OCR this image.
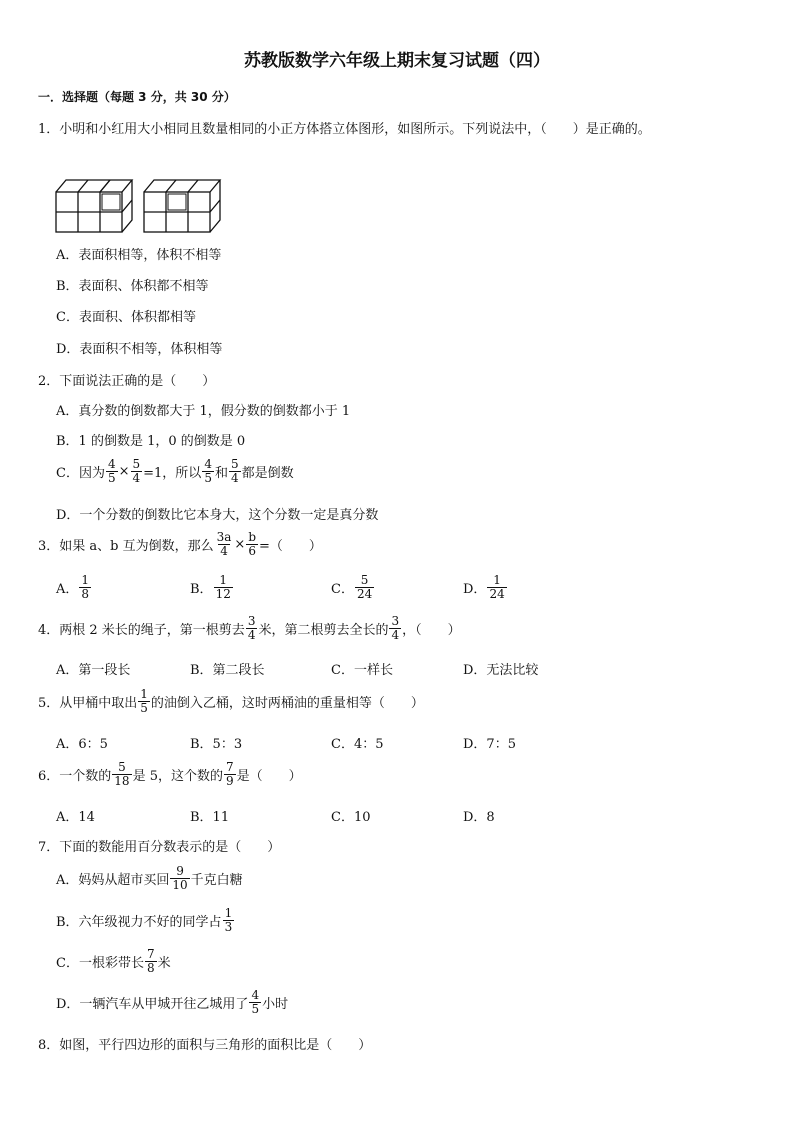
苏教版数学六年级上期末复习试题（四）
一．选择题（每题 3 分，共 30 分）
1．小明和小红用大小相同且数量相同的小正方体搭立体图形，如图所示。下列说法中，（　　）是正确的。
A．表面积相等，体积不相等
B．表面积、体积都不相等
C．表面积、体积都相等
D．表面积不相等，体积相等
2．下面说法正确的是（　　）
A．真分数的倒数都大于 1，假分数的倒数都小于 1
B．1 的倒数是 1，0 的倒数是 0
C．因为 $\frac{4}{5} \times \frac{5}{4} =1$，所以 $\frac{4}{5}$ 和 $\frac{5}{4}$ 都是倒数
D．一个分数的倒数比它本身大，这个分数一定是真分数
3．如果 a、b 互为倒数，那么 $\frac{3a}{4} \times \frac{b}{6}$ =（　　）
A． $\frac{1}{8}$	B． $\frac{1}{12}$	C． $\frac{5}{24}$	D． $\frac{1}{24}$
4．两根 2 米长的绳子，第一根剪去 $\frac{3}{4}$ 米，第二根剪去全长的 $\frac{3}{4}$ ，（　　）
A．第一段长	B．第二段长	C．一样长	D．无法比较
5．从甲桶中取出 $\frac{1}{5}$ 的油倒入乙桶，这时两桶油的重量相等（　　）
A．6：5	B．5：3	C．4：5	D．7：5
6．一个数的 $\frac{5}{18}$ 是 5，这个数的 $\frac{7}{9}$ 是（　　）
A．14	B．11	C．10	D．8
7．下面的数能用百分数表示的是（　　）
A．妈妈从超市买回 $\frac{9}{10}$ 千克白糖
B．六年级视力不好的同学占 $\frac{1}{3}$
C．一根彩带长 $\frac{7}{8}$ 米
D．一辆汽车从甲城开往乙城用了 $\frac{4}{5}$ 小时
8．如图，平行四边形的面积与三角形的面积比是（　　）
